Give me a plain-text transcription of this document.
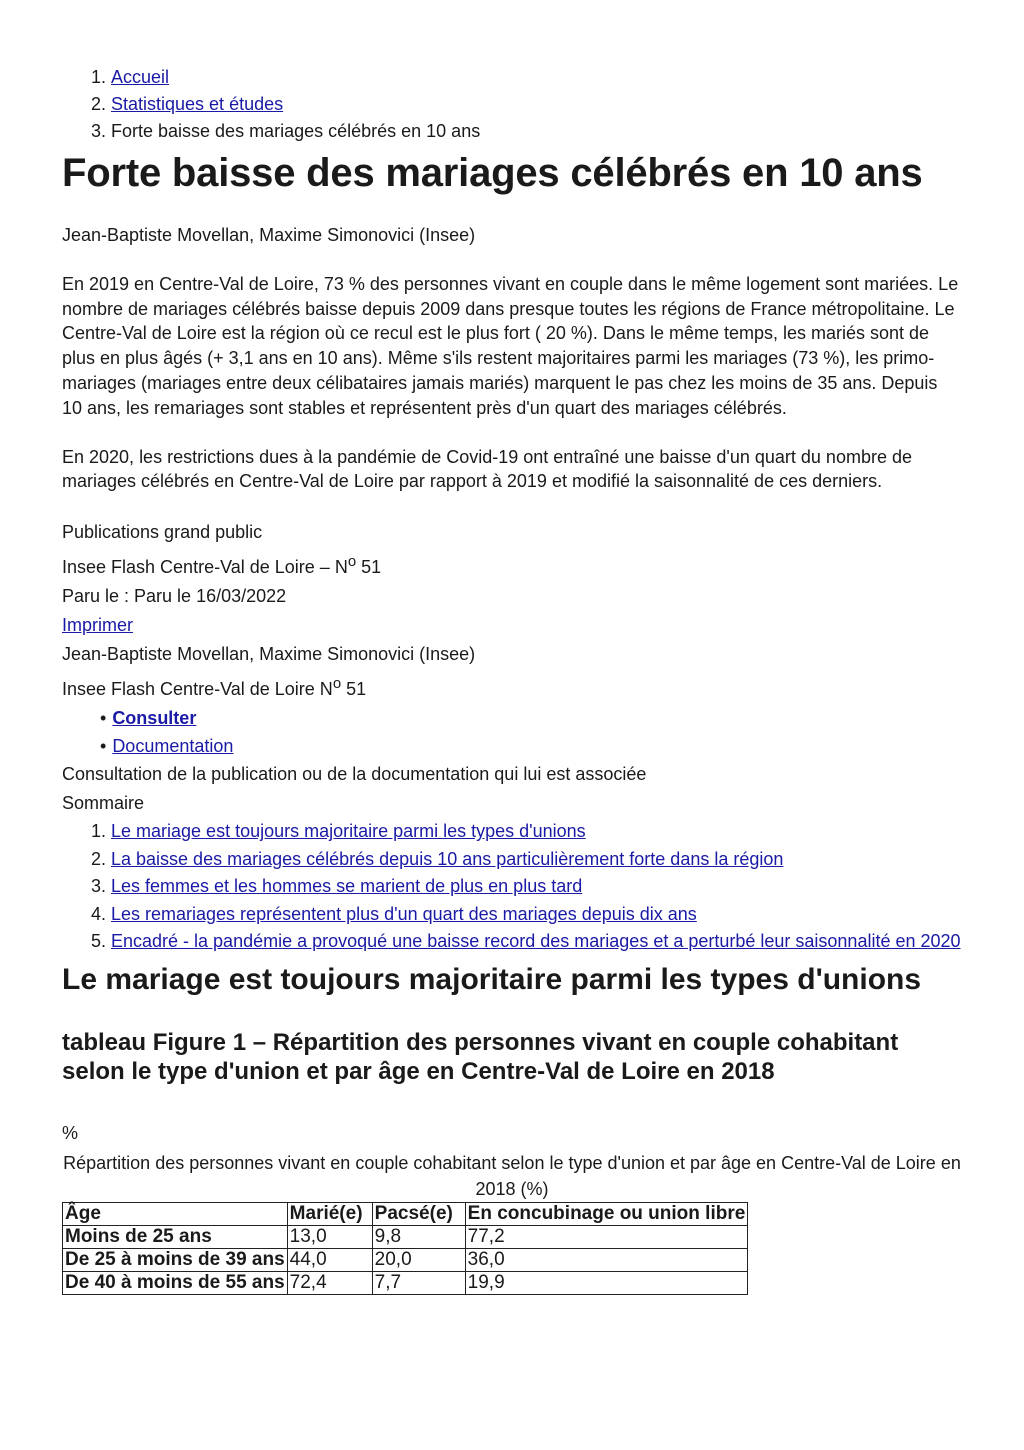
1. Accueil
2. Statistiques et études
3. Forte baisse des mariages célébrés en 10 ans
Forte baisse des mariages célébrés en 10 ans

Jean-Baptiste Movellan, Maxime Simonovici (Insee)

En 2019 en Centre-Val de Loire, 73 % des personnes vivant en couple dans le même logement sont mariées. Le nombre de mariages célébrés baisse depuis 2009 dans presque toutes les régions de France métropolitaine. Le Centre-Val de Loire est la région où ce recul est le plus fort ( 20 %). Dans le même temps, les mariés sont de plus en plus âgés (+ 3,1 ans en 10 ans). Même s'ils restent majoritaires parmi les mariages (73 %), les primo-mariages (mariages entre deux célibataires jamais mariés) marquent le pas chez les moins de 35 ans. Depuis 10 ans, les remariages sont stables et représentent près d'un quart des mariages célébrés.

En 2020, les restrictions dues à la pandémie de Covid-19 ont entraîné une baisse d'un quart du nombre de mariages célébrés en Centre-Val de Loire par rapport à 2019 et modifié la saisonnalité de ces derniers.

Publications grand public
Insee Flash Centre-Val de Loire – $N^o$ 51
Paru le : Paru le 16/03/2022
Imprimer
Jean-Baptiste Movellan, Maxime Simonovici (Insee)
Insee Flash Centre-Val de Loire $N^o$ 51
• Consulter
• Documentation
Consultation de la publication ou de la documentation qui lui est associée
Sommaire
1. Le mariage est toujours majoritaire parmi les types d'unions
2. La baisse des mariages célébrés depuis 10 ans particulièrement forte dans la région
3. Les femmes et les hommes se marient de plus en plus tard
4. Les remariages représentent plus d'un quart des mariages depuis dix ans
5. Encadré - la pandémie a provoqué une baisse record des mariages et a perturbé leur saisonnalité en 2020
Le mariage est toujours majoritaire parmi les types d'unions
tableau Figure 1 – Répartition des personnes vivant en couple cohabitant selon le type d'union et par âge en Centre-Val de Loire en 2018
%
Répartition des personnes vivant en couple cohabitant selon le type d'union et par âge en Centre-Val de Loire en 2018 (%)
Âge	Marié(e)	Pacsé(e)	En concubinage ou union libre
Moins de 25 ans	13,0	9,8	77,2
De 25 à moins de 39 ans	44,0	20,0	36,0
De 40 à moins de 55 ans	72,4	7,7	19,9
